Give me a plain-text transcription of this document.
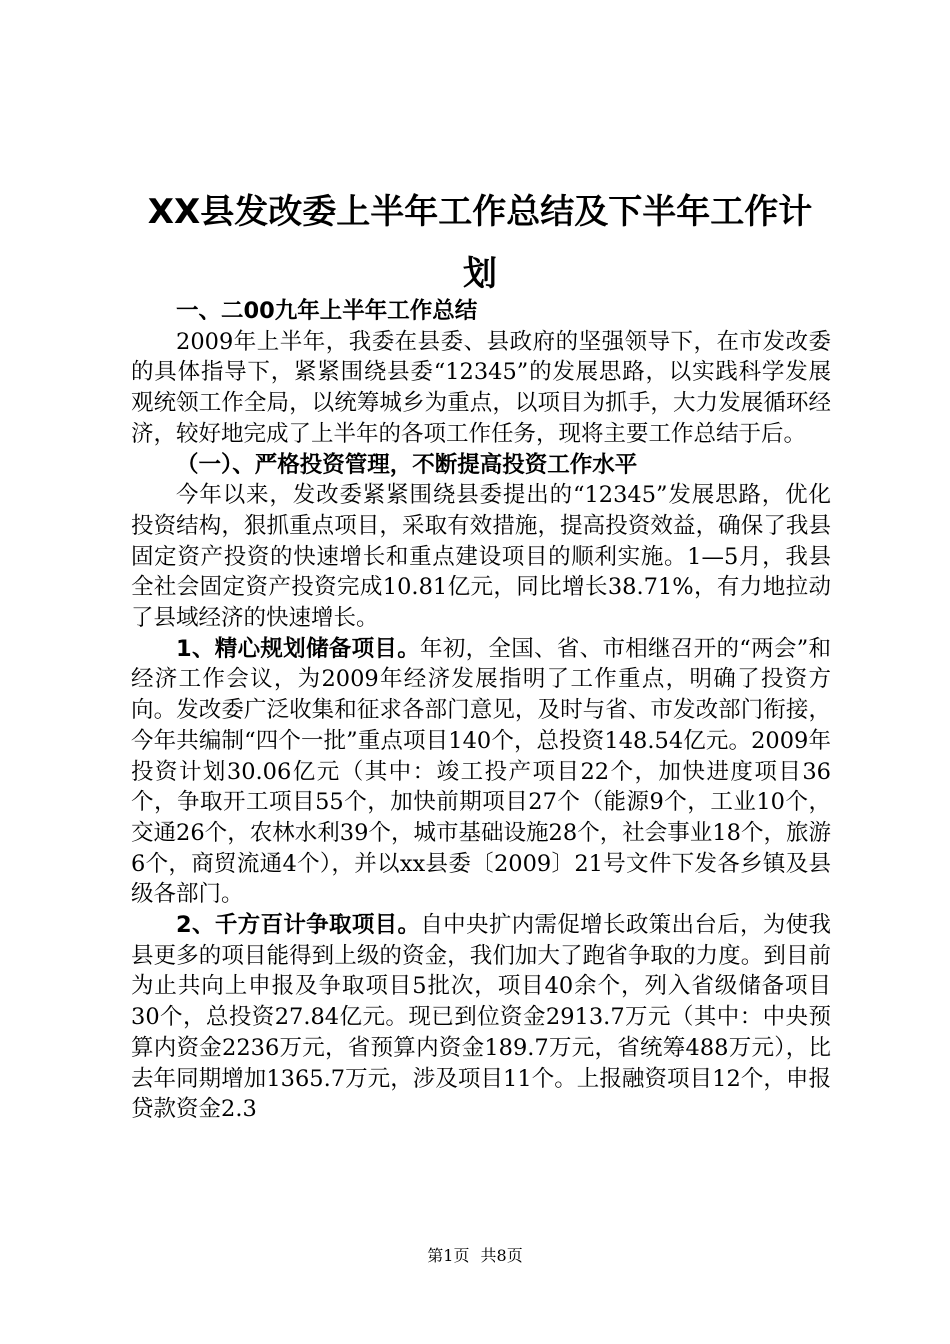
XX县发改委上半年工作总结及下半年工作计
划

一、二00九年上半年工作总结

2009年上半年，我委在县委、县政府的坚强领导下，在市发改委的具体指导下，紧紧围绕县委“12345”的发展思路，以实践科学发展观统领工作全局，以统筹城乡为重点，以项目为抓手，大力发展循环经济，较好地完成了上半年的各项工作任务，现将主要工作总结于后。

（一）、严格投资管理，不断提高投资工作水平

今年以来，发改委紧紧围绕县委提出的“12345”发展思路，优化投资结构，狠抓重点项目，采取有效措施，提高投资效益，确保了我县固定资产投资的快速增长和重点建设项目的顺利实施。1—5月，我县全社会固定资产投资完成10.81亿元，同比增长38.71%，有力地拉动了县域经济的快速增长。

1、精心规划储备项目。年初，全国、省、市相继召开的“两会”和经济工作会议，为2009年经济发展指明了工作重点，明确了投资方向。发改委广泛收集和征求各部门意见，及时与省、市发改部门衔接，今年共编制“四个一批”重点项目140个，总投资148.54亿元。2009年投资计划30.06亿元（其中：竣工投产项目22个，加快进度项目36个，争取开工项目55个，加快前期项目27个（能源9个，工业10个，交通26个，农林水利39个，城市基础设施28个，社会事业18个，旅游6个，商贸流通4个），并以xx县委〔2009〕21号文件下发各乡镇及县级各部门。

2、千方百计争取项目。自中央扩内需促增长政策出台后，为使我县更多的项目能得到上级的资金，我们加大了跑省争取的力度。到目前为止共向上申报及争取项目5批次，项目40余个，列入省级储备项目30个，总投资27.84亿元。现已到位资金2913.7万元（其中：中央预算内资金2236万元，省预算内资金189.7万元，省统筹488万元），比去年同期增加1365.7万元，涉及项目11个。上报融资项目12个，申报贷款资金2.3

第1页 共8页
